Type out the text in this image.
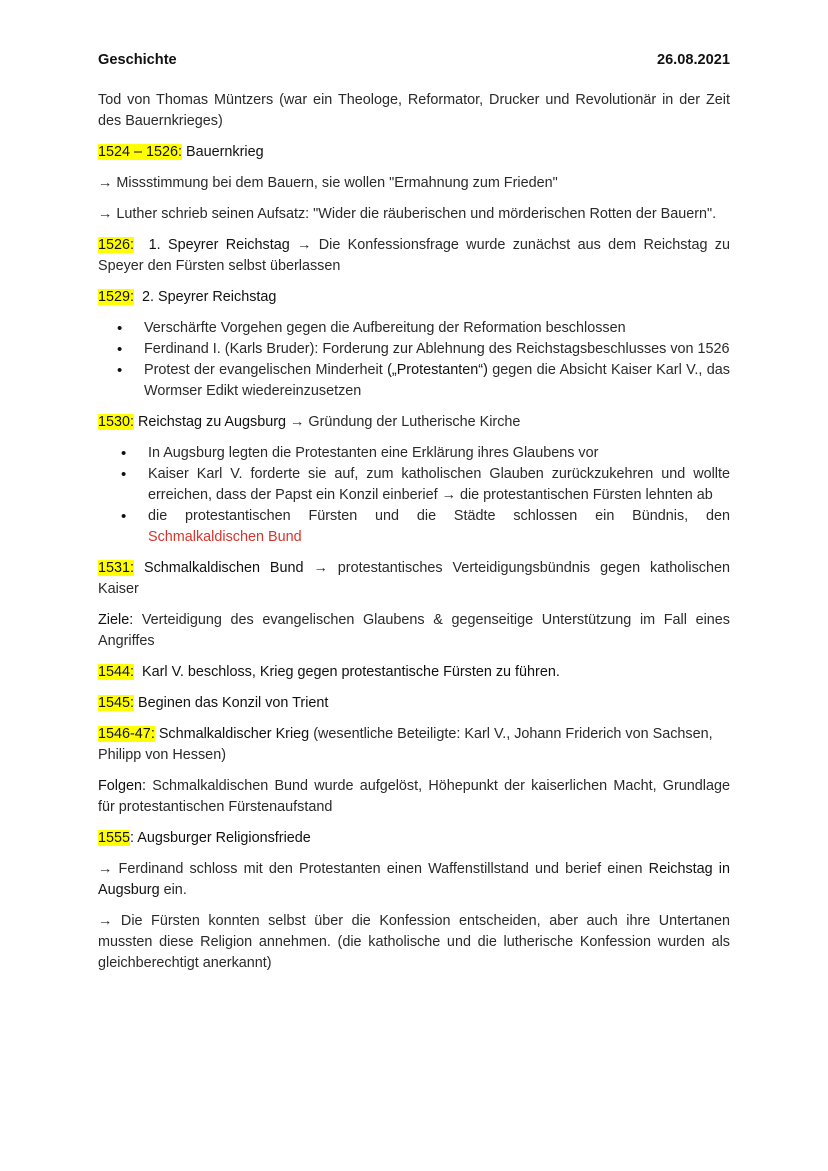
Geschichte	26.08.2021

Tod von Thomas Müntzers (war ein Theologe, Reformator, Drucker und Revolutionär in der Zeit des Bauernkrieges)

1524 – 1526: Bauernkrieg

→ Missstimmung bei dem Bauern, sie wollen "Ermahnung zum Frieden"

→ Luther schrieb seinen Aufsatz: "Wider die räuberischen und mörderischen Rotten der Bauern".

1526: 1. Speyrer Reichstag → Die Konfessionsfrage wurde zunächst aus dem Reichstag zu Speyer den Fürsten selbst überlassen

1529: 2. Speyrer Reichstag

• Verschärfte Vorgehen gegen die Aufbereitung der Reformation beschlossen
• Ferdinand I. (Karls Bruder): Forderung zur Ablehnung des Reichstagsbeschlusses von 1526
• Protest der evangelischen Minderheit („Protestanten“) gegen die Absicht Kaiser Karl V., das Wormser Edikt wiedereinzusetzen

1530: Reichstag zu Augsburg → Gründung der Lutherische Kirche

• In Augsburg legten die Protestanten eine Erklärung ihres Glaubens vor
• Kaiser Karl V. forderte sie auf, zum katholischen Glauben zurückzukehren und wollte erreichen, dass der Papst ein Konzil einberief → die protestantischen Fürsten lehnten ab
• die protestantischen Fürsten und die Städte schlossen ein Bündnis, den
Schmalkaldischen Bund

1531: Schmalkaldischen Bund → protestantisches Verteidigungsbündnis gegen katholischen Kaiser

Ziele: Verteidigung des evangelischen Glaubens & gegenseitige Unterstützung im Fall eines Angriffes

1544: Karl V. beschloss, Krieg gegen protestantische Fürsten zu führen.

1545: Beginen das Konzil von Trient

1546-47: Schmalkaldischer Krieg (wesentliche Beteiligte: Karl V., Johann Friderich von Sachsen, Philipp von Hessen)

Folgen: Schmalkaldischen Bund wurde aufgelöst, Höhepunkt der kaiserlichen Macht, Grundlage für protestantischen Fürstenaufstand

1555: Augsburger Religionsfriede

→ Ferdinand schloss mit den Protestanten einen Waffenstillstand und berief einen Reichstag in Augsburg ein.

→ Die Fürsten konnten selbst über die Konfession entscheiden, aber auch ihre Untertanen mussten diese Religion annehmen. (die katholische und die lutherische Konfession wurden als gleichberechtigt anerkannt)
